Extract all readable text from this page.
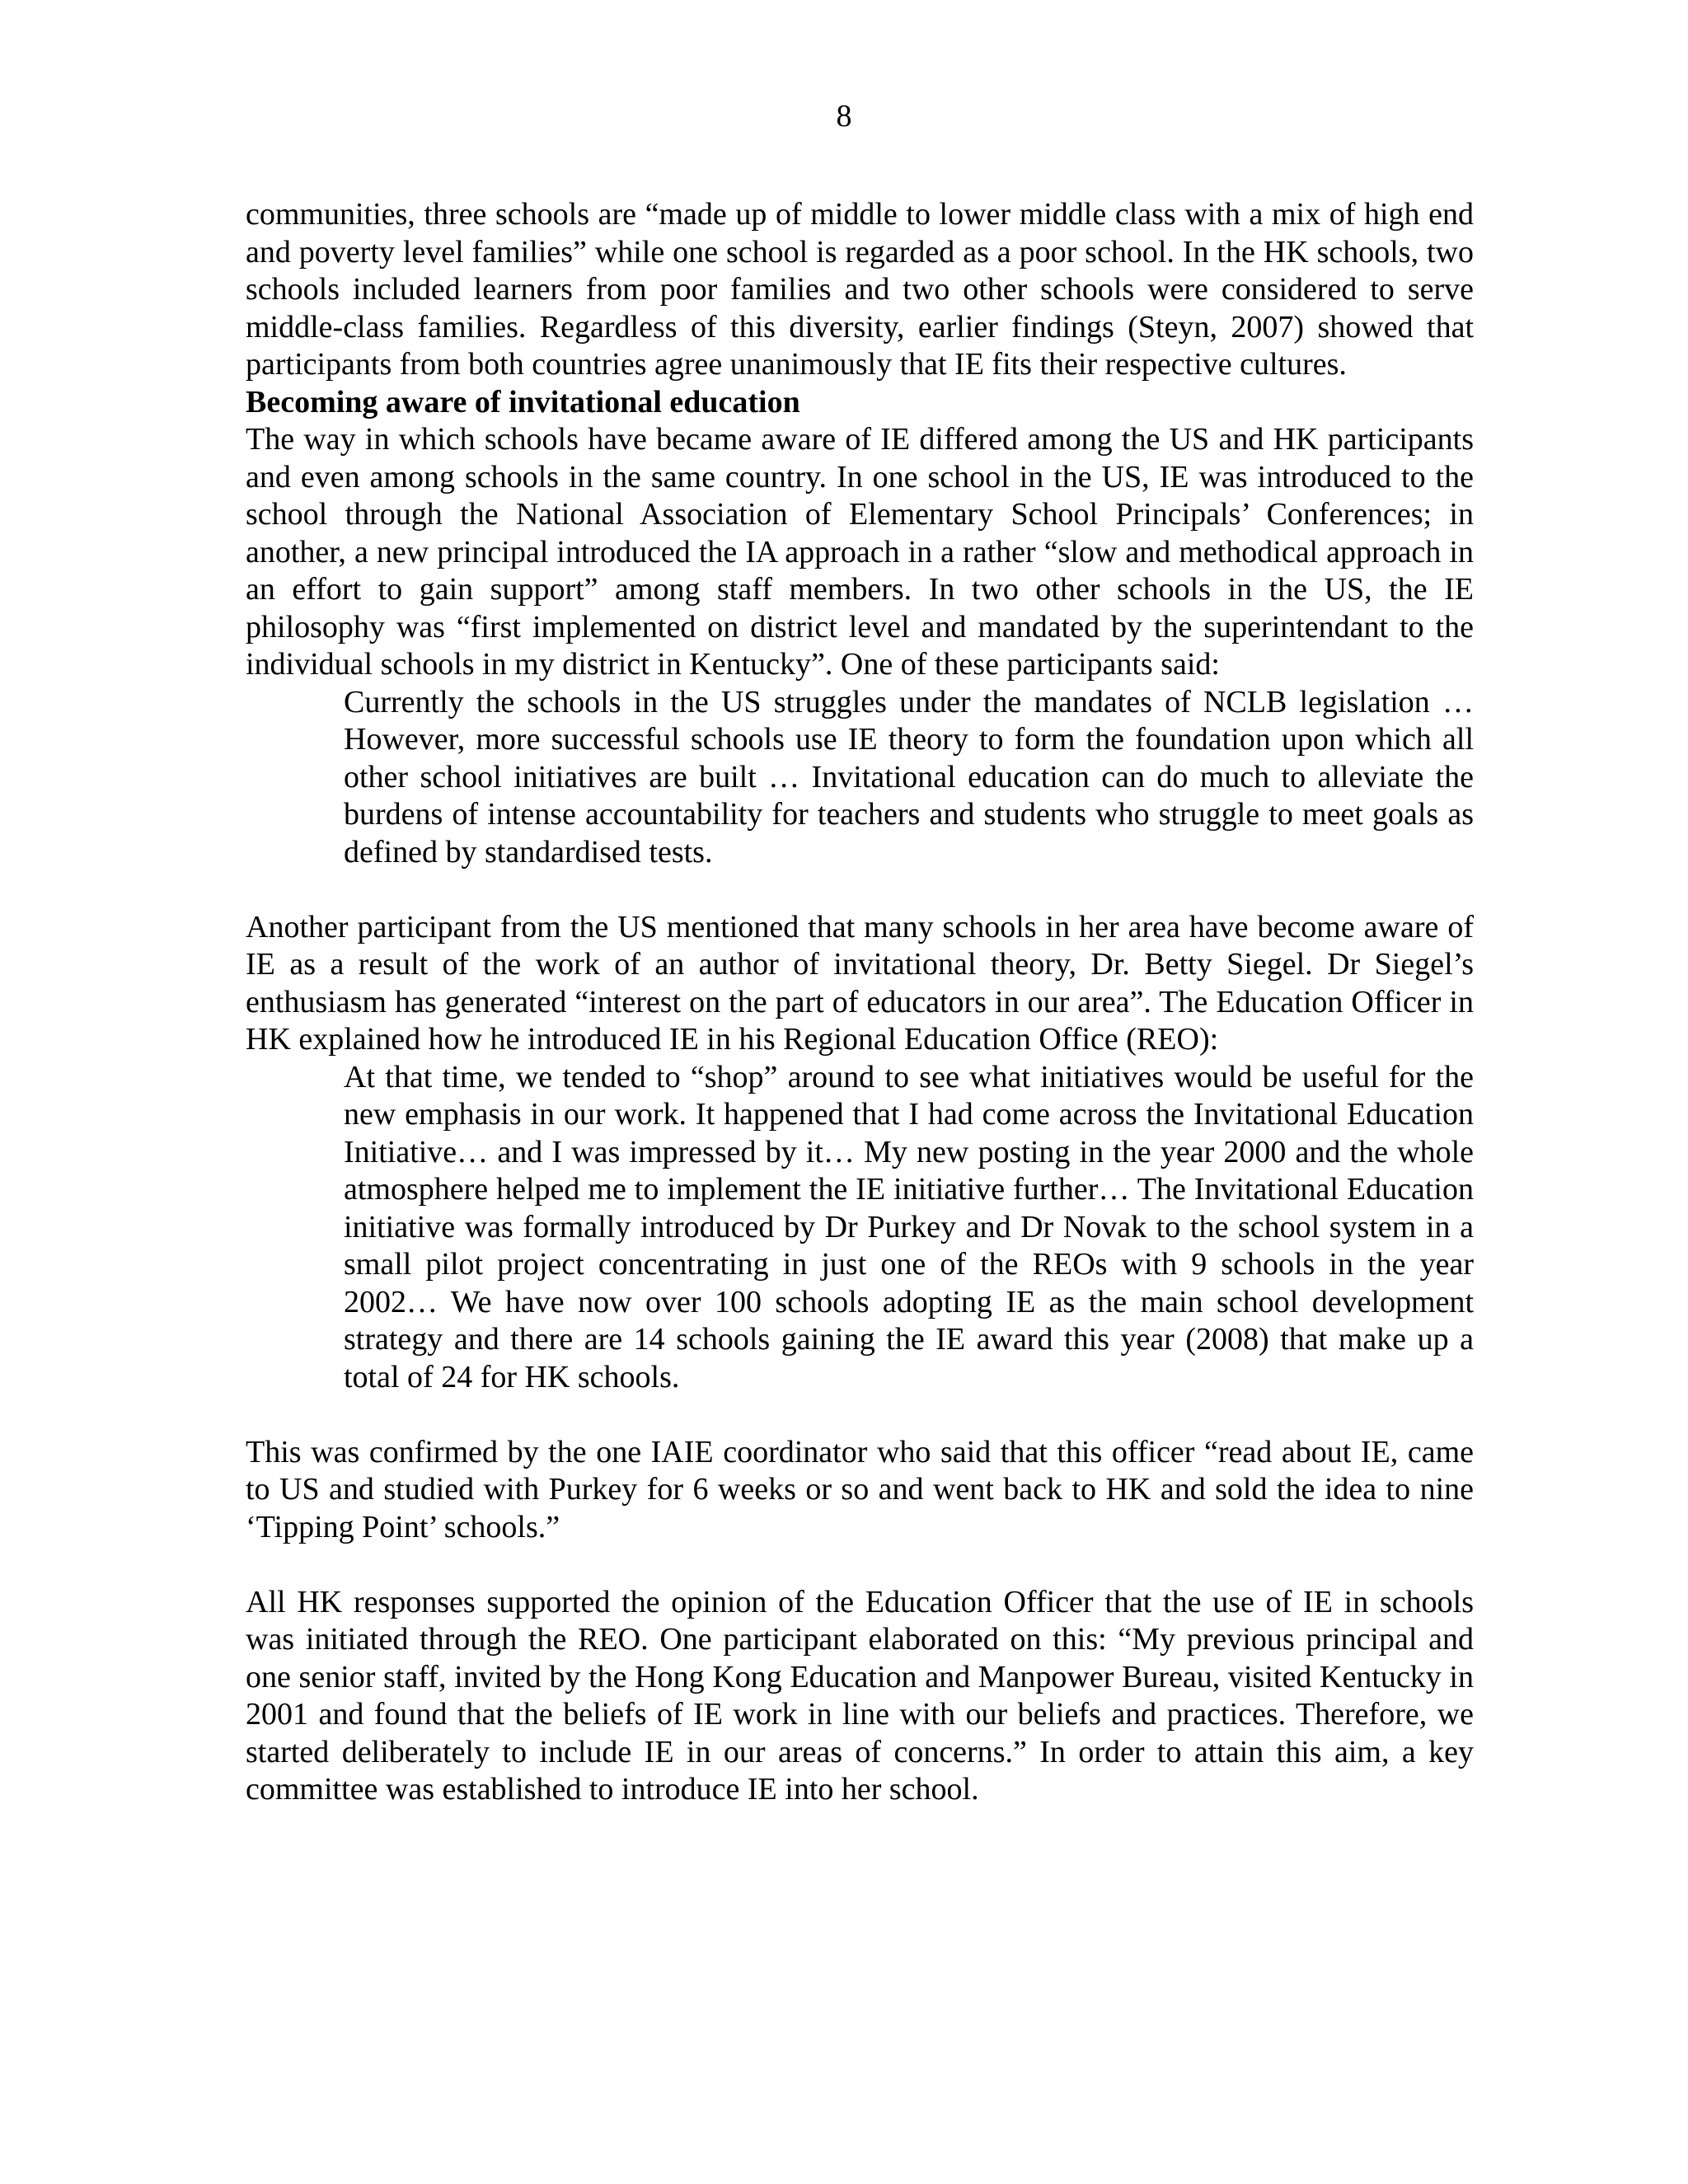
8

communities, three schools are “made up of middle to lower middle class with a mix of high end and poverty level families” while one school is regarded as a poor school. In the HK schools, two schools included learners from poor families and two other schools were considered to serve middle-class families. Regardless of this diversity, earlier findings (Steyn, 2007) showed that participants from both countries agree unanimously that IE fits their respective cultures.

Becoming aware of invitational education

The way in which schools have became aware of IE differed among the US and HK participants and even among schools in the same country. In one school in the US, IE was introduced to the school through the National Association of Elementary School Principals’ Conferences; in another, a new principal introduced the IA approach in a rather “slow and methodical approach in an effort to gain support” among staff members. In two other schools in the US, the IE philosophy was “first implemented on district level and mandated by the superintendant to the individual schools in my district in Kentucky”. One of these participants said:

Currently the schools in the US struggles under the mandates of NCLB legislation … However, more successful schools use IE theory to form the foundation upon which all other school initiatives are built … Invitational education can do much to alleviate the burdens of intense accountability for teachers and students who struggle to meet goals as defined by standardised tests.

Another participant from the US mentioned that many schools in her area have become aware of IE as a result of the work of an author of invitational theory, Dr. Betty Siegel. Dr Siegel’s enthusiasm has generated “interest on the part of educators in our area”. The Education Officer in HK explained how he introduced IE in his Regional Education Office (REO):

At that time, we tended to “shop” around to see what initiatives would be useful for the new emphasis in our work. It happened that I had come across the Invitational Education Initiative… and I was impressed by it… My new posting in the year 2000 and the whole atmosphere helped me to implement the IE initiative further… The Invitational Education initiative was formally introduced by Dr Purkey and Dr Novak to the school system in a small pilot project concentrating in just one of the REOs with 9 schools in the year 2002… We have now over 100 schools adopting IE as the main school development strategy and there are 14 schools gaining the IE award this year (2008) that make up a total of 24 for HK schools.

This was confirmed by the one IAIE coordinator who said that this officer “read about IE, came to US and studied with Purkey for 6 weeks or so and went back to HK and sold the idea to nine ‘Tipping Point’ schools.”

All HK responses supported the opinion of the Education Officer that the use of IE in schools was initiated through the REO. One participant elaborated on this: “My previous principal and one senior staff, invited by the Hong Kong Education and Manpower Bureau, visited Kentucky in 2001 and found that the beliefs of IE work in line with our beliefs and practices. Therefore, we started deliberately to include IE in our areas of concerns.” In order to attain this aim, a key committee was established to introduce IE into her school.
